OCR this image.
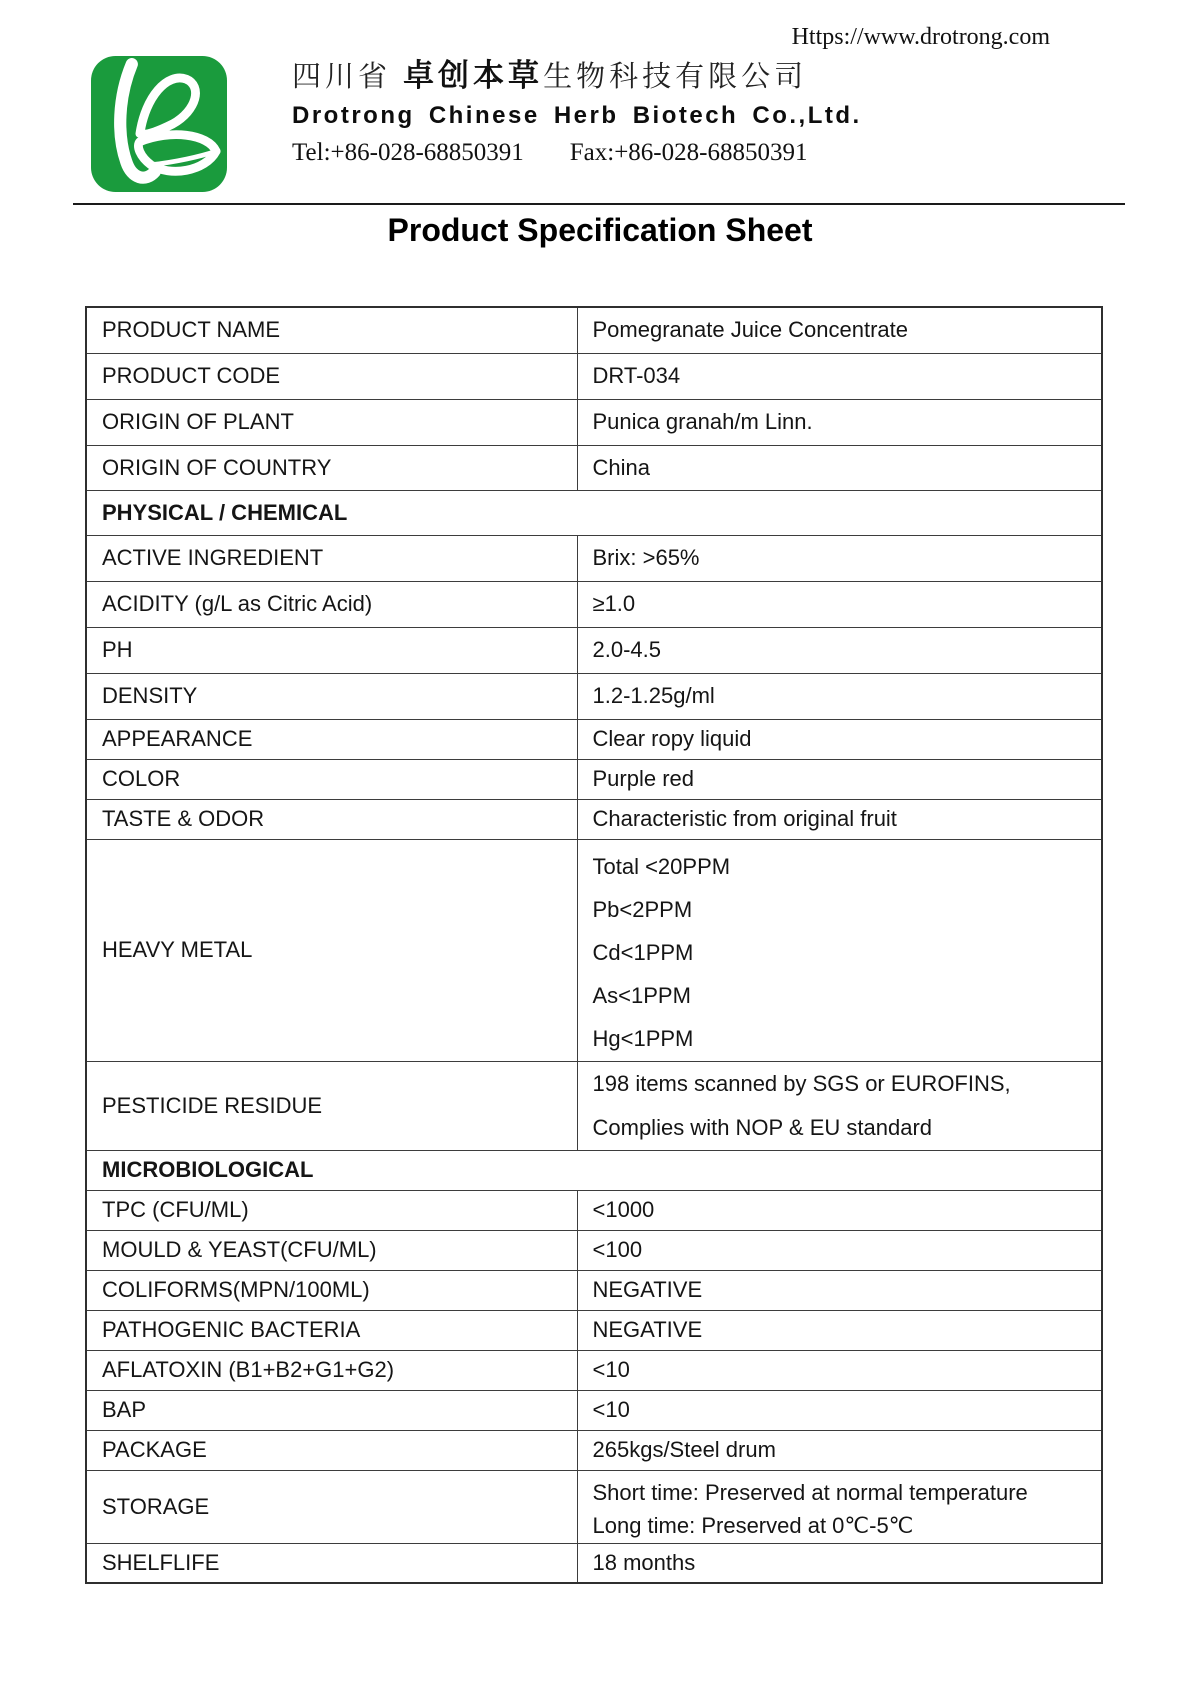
Https://www.drotrong.com
四川省 卓创本草生物科技有限公司
Drotrong Chinese Herb Biotech Co.,Ltd.
Tel:+86-028-68850391 Fax:+86-028-68850391
Product Specification Sheet
PRODUCT NAME	Pomegranate Juice Concentrate
PRODUCT CODE	DRT-034
ORIGIN OF PLANT	Punica granah/m Linn.
ORIGIN OF COUNTRY	China
PHYSICAL / CHEMICAL	
ACTIVE INGREDIENT	Brix: >65%
ACIDITY (g/L as Citric Acid)	≥1.0
PH	2.0-4.5
DENSITY	1.2-1.25g/ml
APPEARANCE	Clear ropy liquid
COLOR	Purple red
TASTE & ODOR	Characteristic from original fruit
HEAVY METAL	Total <20PPM
Pb<2PPM
Cd<1PPM
As<1PPM
Hg<1PPM

PESTICIDE RESIDUE	198 items scanned by SGS or EUROFINS,
Complies with NOP & EU standard

MICROBIOLOGICAL	
TPC (CFU/ML)	<1000
MOULD & YEAST(CFU/ML)	<100
COLIFORMS(MPN/100ML)	NEGATIVE
PATHOGENIC BACTERIA	NEGATIVE
AFLATOXIN (B1+B2+G1+G2)	<10
BAP	<10
PACKAGE	265kgs/Steel drum
STORAGE	Short time: Preserved at normal temperature
Long time: Preserved at 0℃-5℃

SHELFLIFE	18 months
